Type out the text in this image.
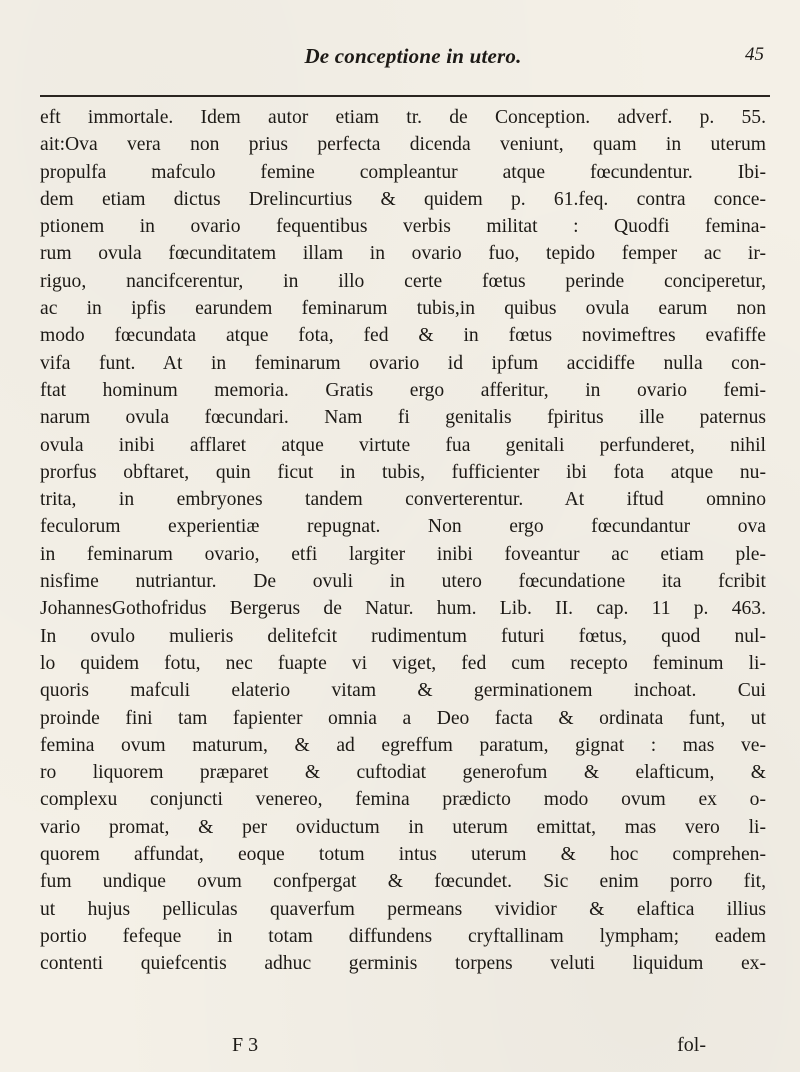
De conceptione in utero.	45
eft immortale. Idem autor etiam tr. de Conception. adverf. p. 55.
ait:Ova vera non prius perfecta dicenda veniunt, quam in uterum
propulfa mafculo femine compleantur atque fœcundentur. Ibi-
dem etiam dictus Drelincurtius & quidem p. 61.feq. contra conce-
ptionem in ovario fequentibus verbis militat : Quodfi femina-
rum ovula fœcunditatem illam in ovario fuo, tepido femper ac ir-
riguo, nancifcerentur, in illo certe fœtus perinde conciperetur,
ac in ipfis earundem feminarum tubis,in quibus ovula earum non
modo fœcundata atque fota, fed & in fœtus novimeftres evafiffe
vifa funt. At in feminarum ovario id ipfum accidiffe nulla con-
ftat hominum memoria. Gratis ergo afferitur, in ovario femi-
narum ovula fœcundari. Nam fi genitalis fpiritus ille paternus
ovula inibi afflaret atque virtute fua genitali perfunderet, nihil
prorfus obftaret, quin ficut in tubis, fufficienter ibi fota atque nu-
trita, in embryones tandem converterentur. At iftud omnino
feculorum experientiæ repugnat. Non ergo fœcundantur ova
in feminarum ovario, etfi largiter inibi foveantur ac etiam ple-
nisfime nutriantur. De ovuli in utero fœcundatione ita fcribit
JohannesGothofridus Bergerus de Natur. hum. Lib. II. cap. 11 p. 463.
In ovulo mulieris delitefcit rudimentum futuri fœtus, quod nul-
lo quidem fotu, nec fuapte vi viget, fed cum recepto feminum li-
quoris mafculi elaterio vitam & germinationem inchoat. Cui
proinde fini tam fapienter omnia a Deo facta & ordinata funt, ut
femina ovum maturum, & ad egreffum paratum, gignat : mas ve-
ro liquorem præparet & cuftodiat generofum & elafticum, &
complexu conjuncti venereo, femina prædicto modo ovum ex o-
vario promat, & per oviductum in uterum emittat, mas vero li-
quorem affundat, eoque totum intus uterum & hoc comprehen-
fum undique ovum confpergat & fœcundet. Sic enim porro fit,
ut hujus pelliculas quaverfum permeans vividior & elaftica illius
portio fefeque in totam diffundens cryftallinam lympham; eadem
contenti quiefcentis adhuc germinis torpens veluti liquidum ex-
F 3	fol-
